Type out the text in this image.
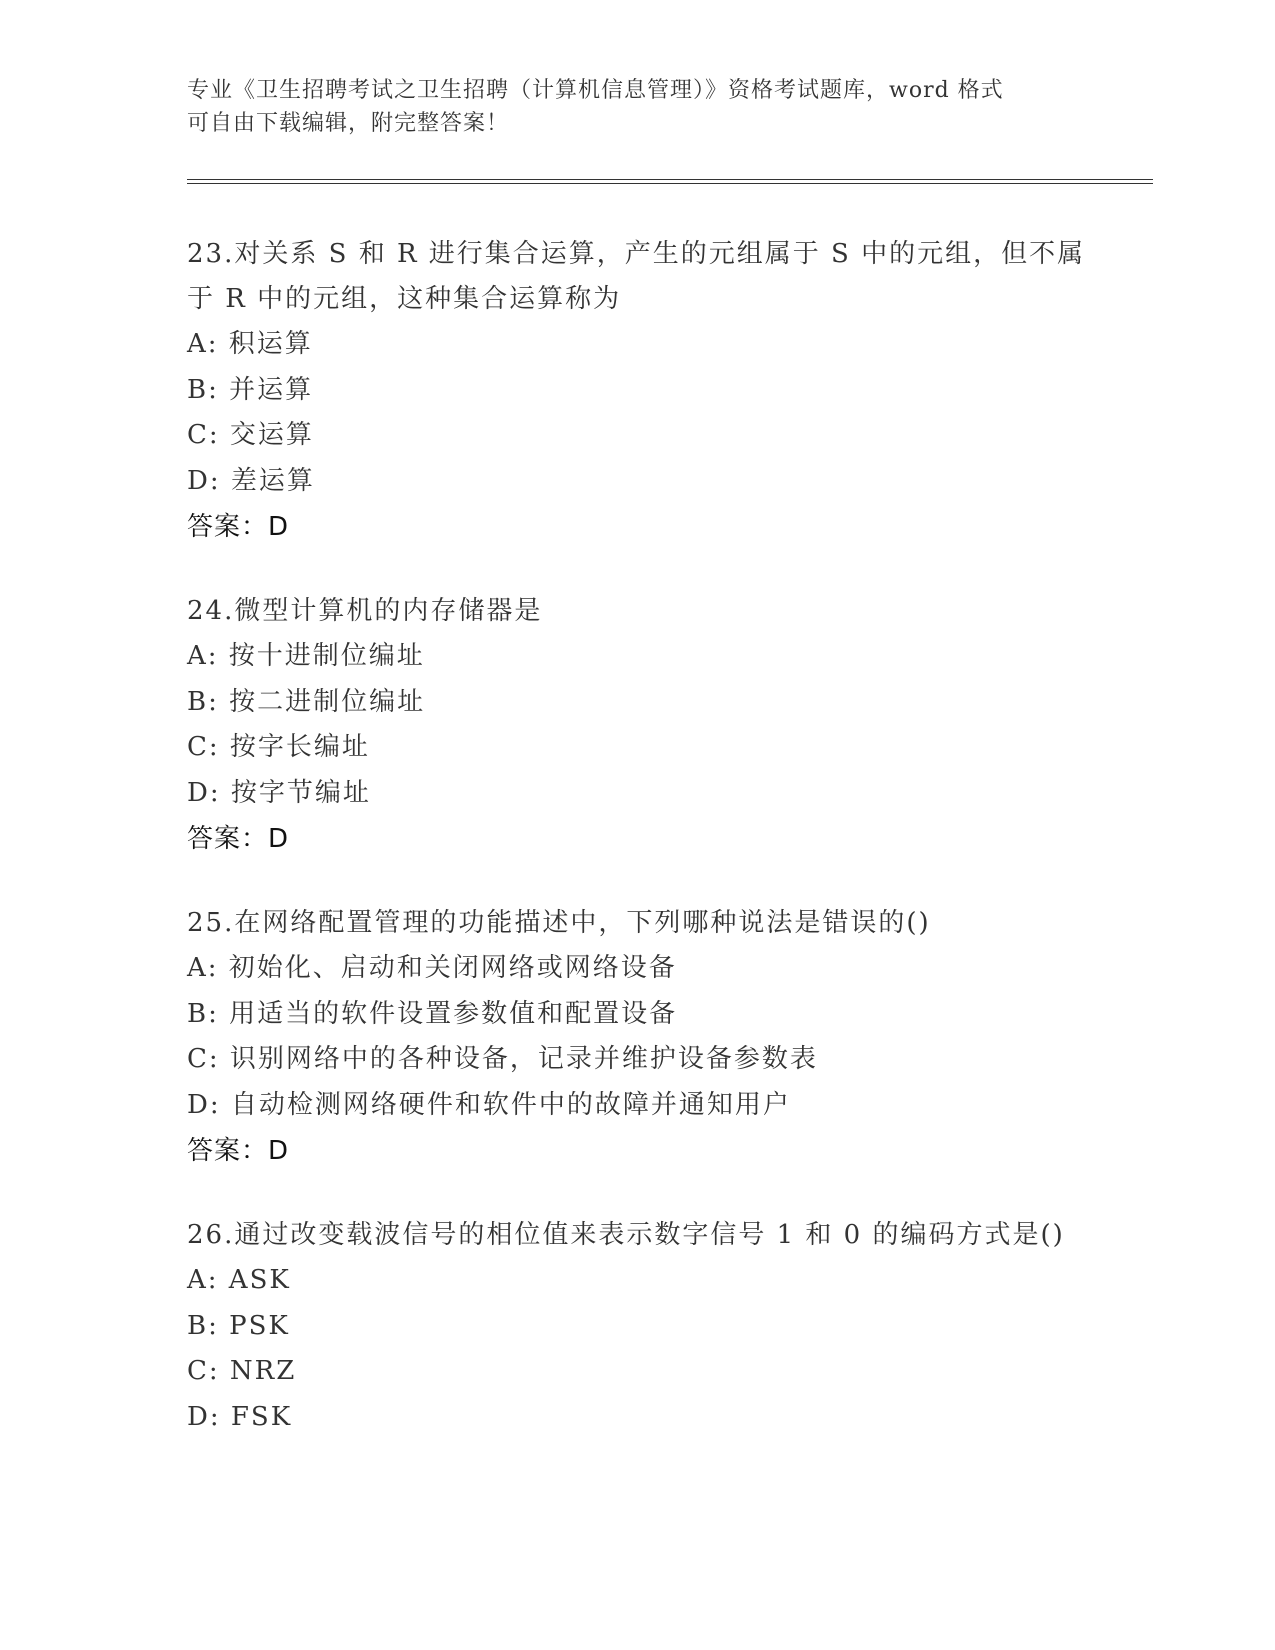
专业《卫生招聘考试之卫生招聘（计算机信息管理）》资格考试题库，word 格式
可自由下载编辑，附完整答案！
23.对关系 S 和 R 进行集合运算，产生的元组属于 S 中的元组，但不属
于 R 中的元组，这种集合运算称为
A: 积运算
B: 并运算
C: 交运算
D: 差运算
答案：D
24.微型计算机的内存储器是
A: 按十进制位编址
B: 按二进制位编址
C: 按字长编址
D: 按字节编址
答案：D
25.在网络配置管理的功能描述中，下列哪种说法是错误的()
A: 初始化、启动和关闭网络或网络设备
B: 用适当的软件设置参数值和配置设备
C: 识别网络中的各种设备，记录并维护设备参数表
D: 自动检测网络硬件和软件中的故障并通知用户
答案：D
26.通过改变载波信号的相位值来表示数字信号 1 和 0 的编码方式是()
A: ASK
B: PSK
C: NRZ
D: FSK
